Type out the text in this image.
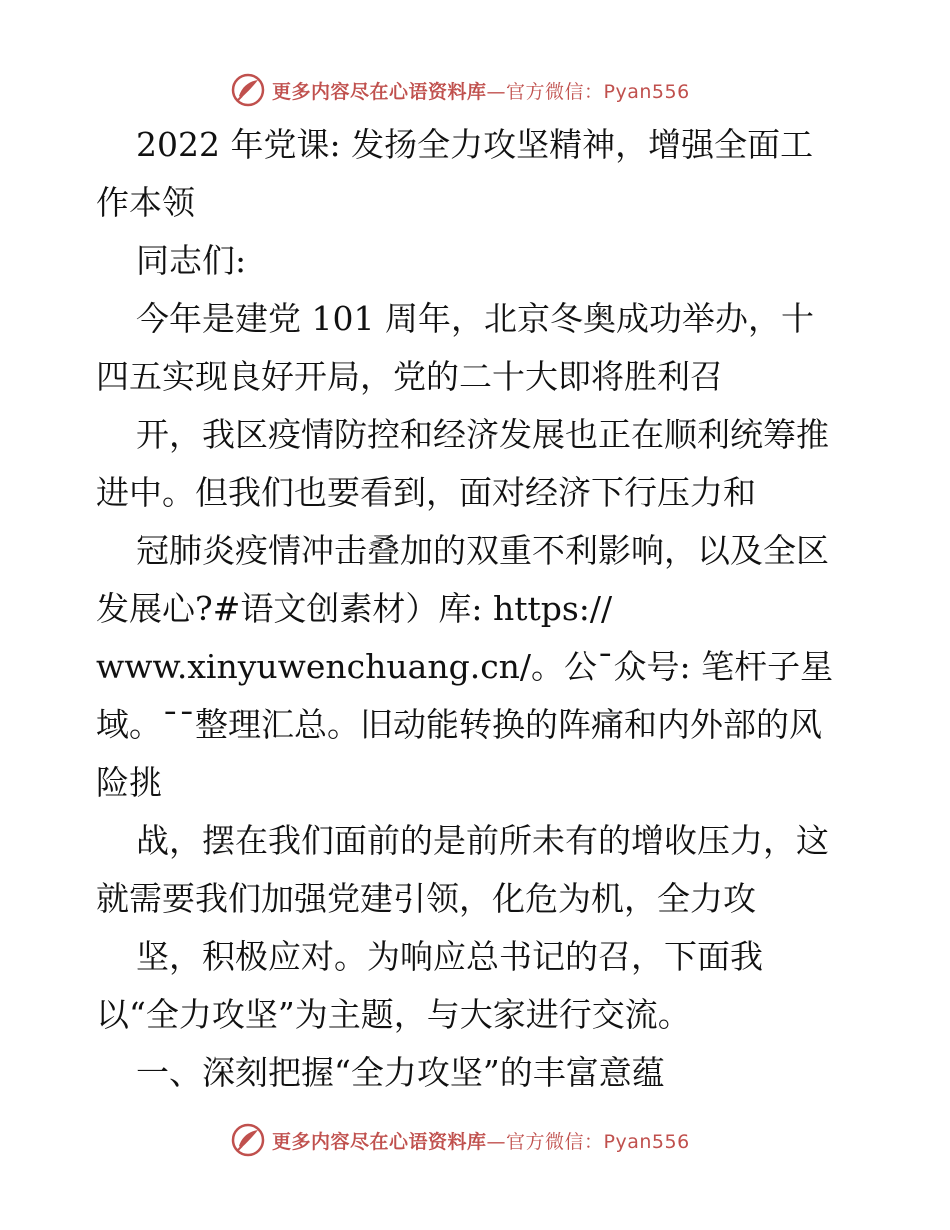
更多内容尽在心语资料库—官方微信：Pyan556
2022 年党课: 发扬全力攻坚精神，增强全面工
作本领
同志们:
今年是建党 101 周年，北京冬奥成功举办，十
四五实现良好开局，党的二十大即将胜利召
开，我区疫情防控和经济发展也正在顺利统筹推
进中。但我们也要看到，面对经济下行压力和
冠肺炎疫情冲击叠加的双重不利影响，以及全区
发展心?#语文创素材）库: https://
www.xinyuwenchuang.cn/。公¯众号: 笔杆子星
域。¯¯整理汇总。旧动能转换的阵痛和内外部的风
险挑
战，摆在我们面前的是前所未有的增收压力，这
就需要我们加强党建引领，化危为机，全力攻
坚，积极应对。为响应总书记的召，下面我
以“全力攻坚”为主题，与大家进行交流。
一、深刻把握“全力攻坚”的丰富意蕴
更多内容尽在心语资料库—官方微信：Pyan556
